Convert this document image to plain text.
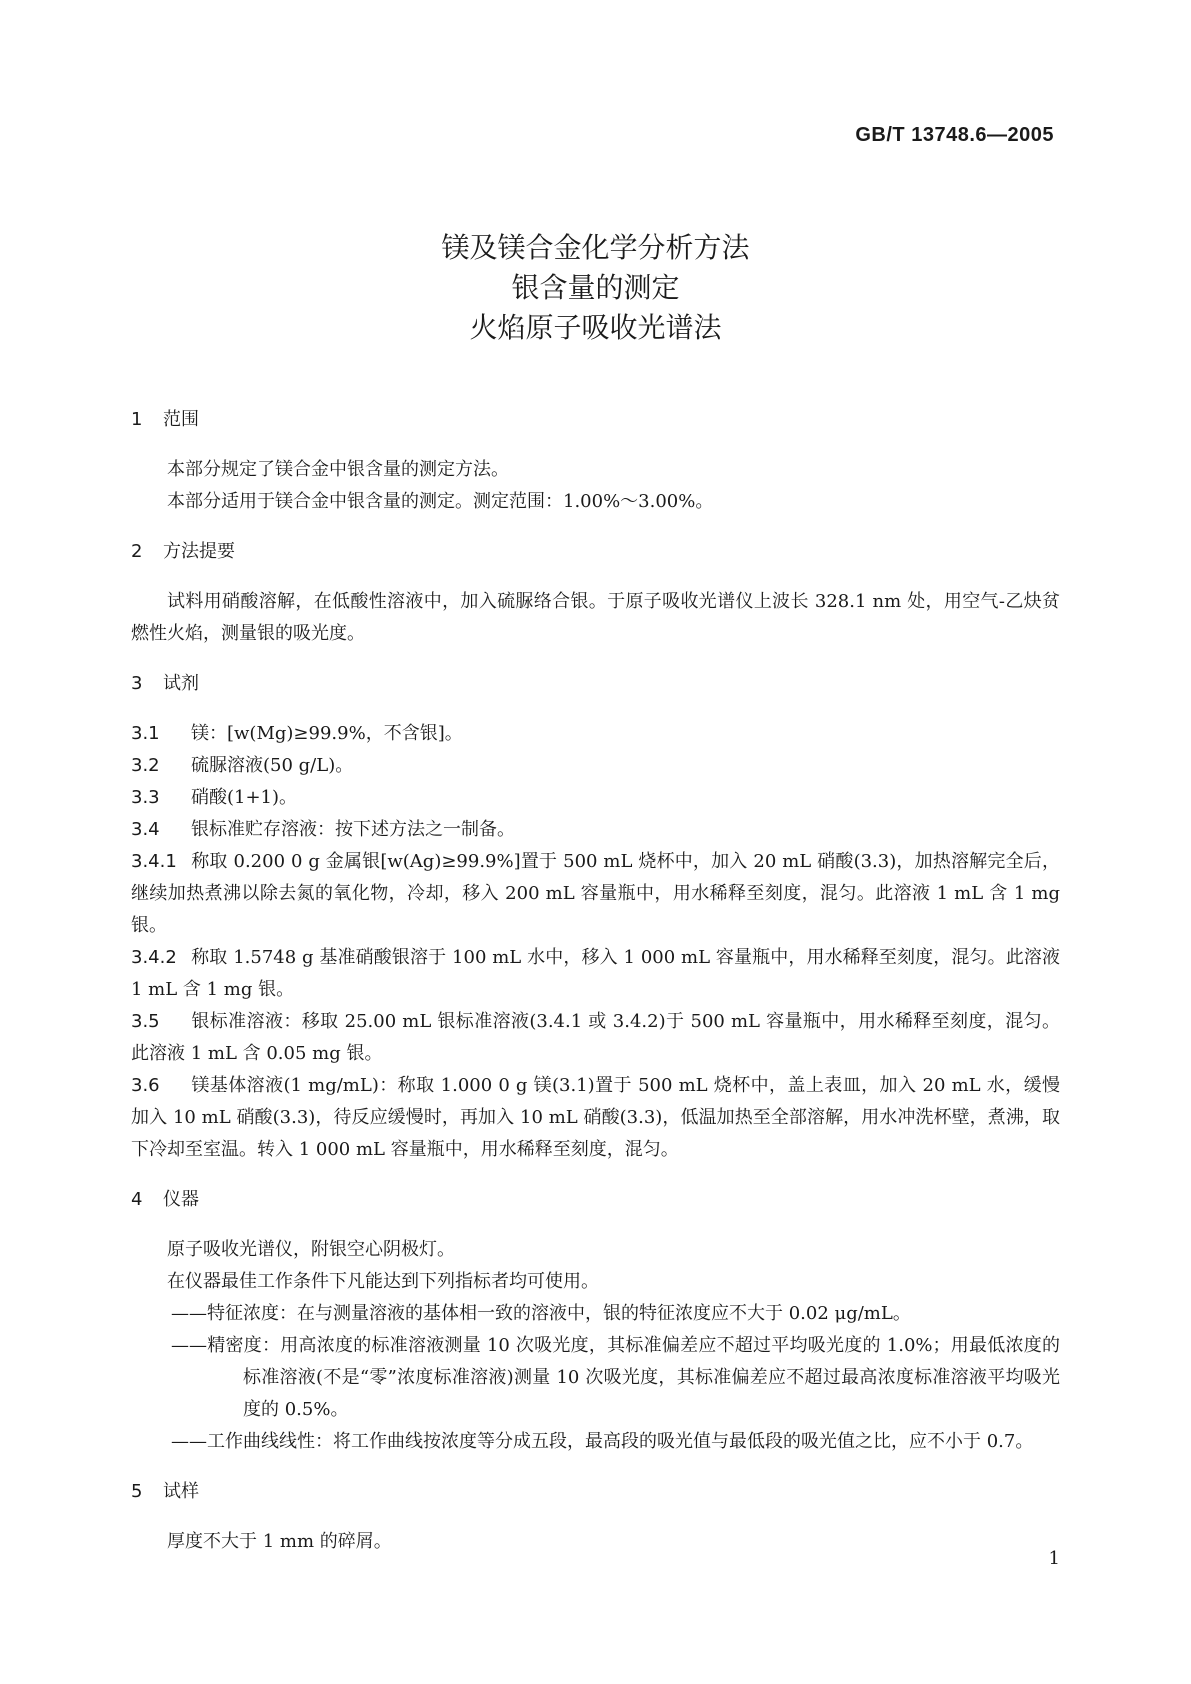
GB/T 13748.6—2005
镁及镁合金化学分析方法
银含量的测定
火焰原子吸收光谱法
1 范围
本部分规定了镁合金中银含量的测定方法。
本部分适用于镁合金中银含量的测定。测定范围：1.00%～3.00%。
2 方法提要
试料用硝酸溶解，在低酸性溶液中，加入硫脲络合银。于原子吸收光谱仪上波长 328.1 nm 处，用空气-乙炔贫燃性火焰，测量银的吸光度。
3 试剂
3.1 镁：[w(Mg)≥99.9%，不含银]。
3.2 硫脲溶液(50 g/L)。
3.3 硝酸(1+1)。
3.4 银标准贮存溶液：按下述方法之一制备。
3.4.1 称取 0.200 0 g 金属银[w(Ag)≥99.9%]置于 500 mL 烧杯中，加入 20 mL 硝酸(3.3)，加热溶解完全后，继续加热煮沸以除去氮的氧化物，冷却，移入 200 mL 容量瓶中，用水稀释至刻度，混匀。此溶液 1 mL 含 1 mg 银。
3.4.2 称取 1.5748 g 基准硝酸银溶于 100 mL 水中，移入 1 000 mL 容量瓶中，用水稀释至刻度，混匀。此溶液 1 mL 含 1 mg 银。
3.5 银标准溶液：移取 25.00 mL 银标准溶液(3.4.1 或 3.4.2)于 500 mL 容量瓶中，用水稀释至刻度，混匀。此溶液 1 mL 含 0.05 mg 银。
3.6 镁基体溶液(1 mg/mL)：称取 1.000 0 g 镁(3.1)置于 500 mL 烧杯中，盖上表皿，加入 20 mL 水，缓慢加入 10 mL 硝酸(3.3)，待反应缓慢时，再加入 10 mL 硝酸(3.3)，低温加热至全部溶解，用水冲洗杯壁，煮沸，取下冷却至室温。转入 1 000 mL 容量瓶中，用水稀释至刻度，混匀。
4 仪器
原子吸收光谱仪，附银空心阴极灯。
在仪器最佳工作条件下凡能达到下列指标者均可使用。
——特征浓度：在与测量溶液的基体相一致的溶液中，银的特征浓度应不大于 0.02 μg/mL。
——精密度：用高浓度的标准溶液测量 10 次吸光度，其标准偏差应不超过平均吸光度的 1.0%；用最低浓度的标准溶液(不是“零”浓度标准溶液)测量 10 次吸光度，其标准偏差应不超过最高浓度标准溶液平均吸光度的 0.5%。
——工作曲线线性：将工作曲线按浓度等分成五段，最高段的吸光值与最低段的吸光值之比，应不小于 0.7。
5 试样
厚度不大于 1 mm 的碎屑。
1
